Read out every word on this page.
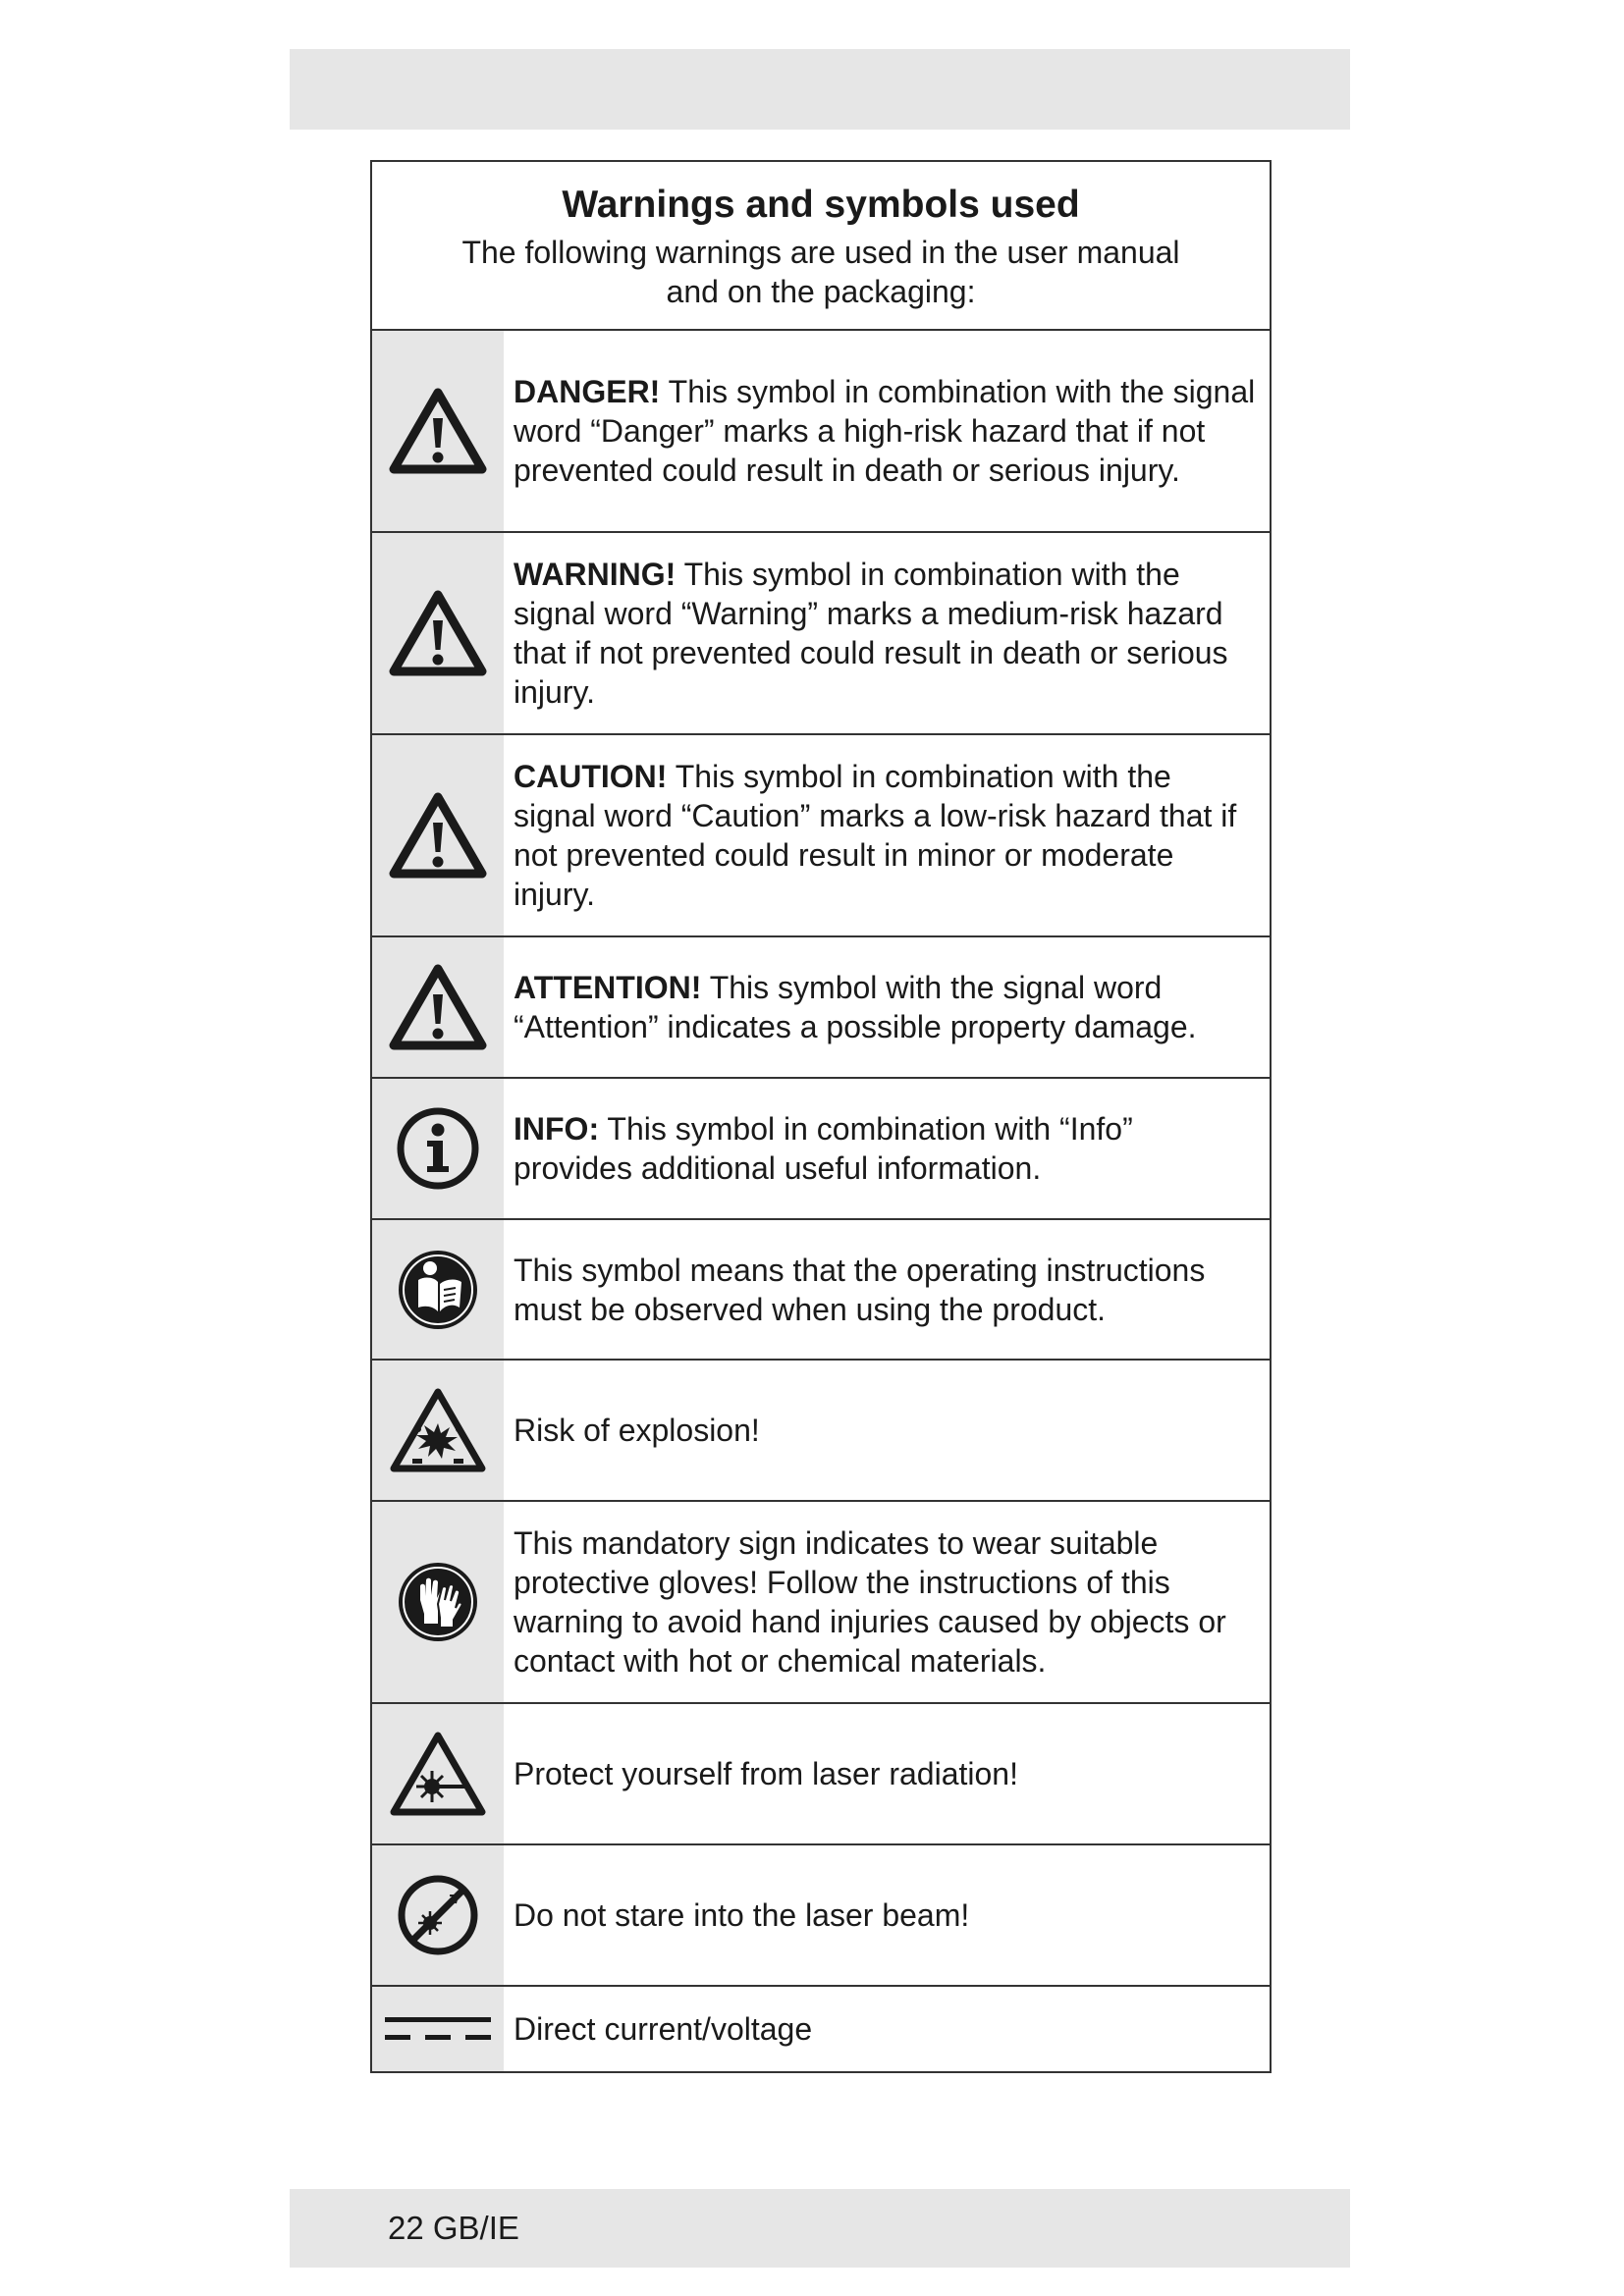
Warnings and symbols used

The following warnings are used in the user manual and on the packaging:

DANGER! This symbol in combination with the signal word “Danger” marks a high-risk hazard that if not prevented could result in death or serious injury.

WARNING! This symbol in combination with the signal word “Warning” marks a medium-risk hazard that if not prevented could result in death or serious injury.

CAUTION! This symbol in combination with the signal word “Caution” marks a low-risk hazard that if not prevented could result in minor or moderate injury.

ATTENTION! This symbol with the signal word “Attention” indicates a possible property damage.

INFO: This symbol in combination with “Info” provides additional useful information.

This symbol means that the operating instructions must be observed when using the product.

Risk of explosion!

This mandatory sign indicates to wear suitable protective gloves! Follow the instructions of this warning to avoid hand injuries caused by objects or contact with hot or chemical materials.

Protect yourself from laser radiation!

Do not stare into the laser beam!

Direct current/voltage

22 GB/IE
